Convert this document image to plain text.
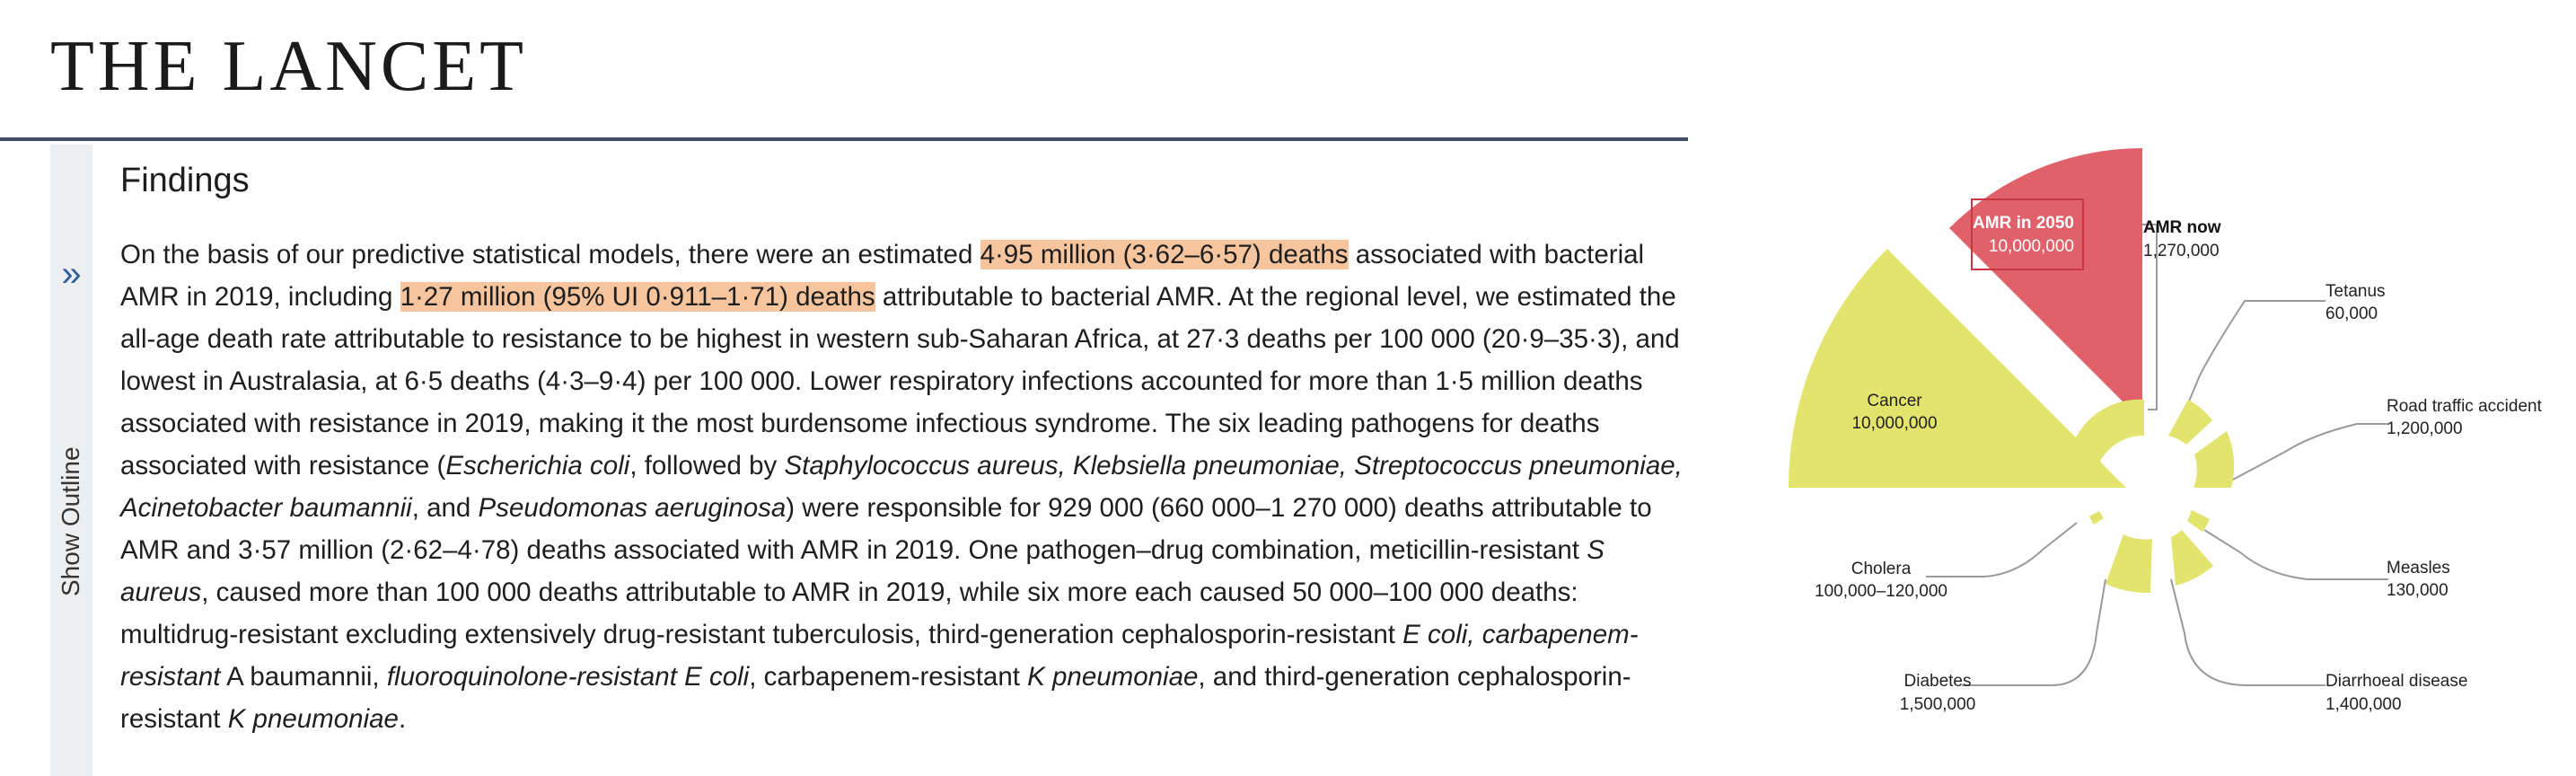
THE LANCET
»
Show Outline
Findings

On the basis of our predictive statistical models, there were an estimated 4·95 million (3·62–6·57) deaths associated with bacterial AMR in 2019, including 1·27 million (95% UI 0·911–1·71) deaths attributable to bacterial AMR. At the regional level, we estimated the all-age death rate attributable to resistance to be highest in western sub-Saharan Africa, at 27·3 deaths per 100 000 (20·9–35·3), and lowest in Australasia, at 6·5 deaths (4·3–9·4) per 100 000. Lower respiratory infections accounted for more than 1·5 million deaths associated with resistance in 2019, making it the most burdensome infectious syndrome. The six leading pathogens for deaths associated with resistance (Escherichia coli, followed by Staphylococcus aureus, Klebsiella pneumoniae, Streptococcus pneumoniae, Acinetobacter baumannii, and Pseudomonas aeruginosa) were responsible for 929 000 (660 000–1 270 000) deaths attributable to AMR and 3·57 million (2·62–4·78) deaths associated with AMR in 2019. One pathogen–drug combination, meticillin-resistant S aureus, caused more than 100 000 deaths attributable to AMR in 2019, while six more each caused 50 000–100 000 deaths: multidrug-resistant excluding extensively drug-resistant tuberculosis, third-generation cephalosporin-resistant E coli, carbapenem-resistant A baumannii, fluoroquinolone-resistant E coli, carbapenem-resistant K pneumoniae, and third-generation cephalosporin-resistant K pneumoniae.

AMR in 2050
10,000,000
Cancer
10,000,000
AMR now
1,270,000
Tetanus
60,000
Road traffic accident
1,200,000
Measles
130,000
Diarrhoeal disease
1,400,000
Diabetes
1,500,000
Cholera
100,000–120,000
